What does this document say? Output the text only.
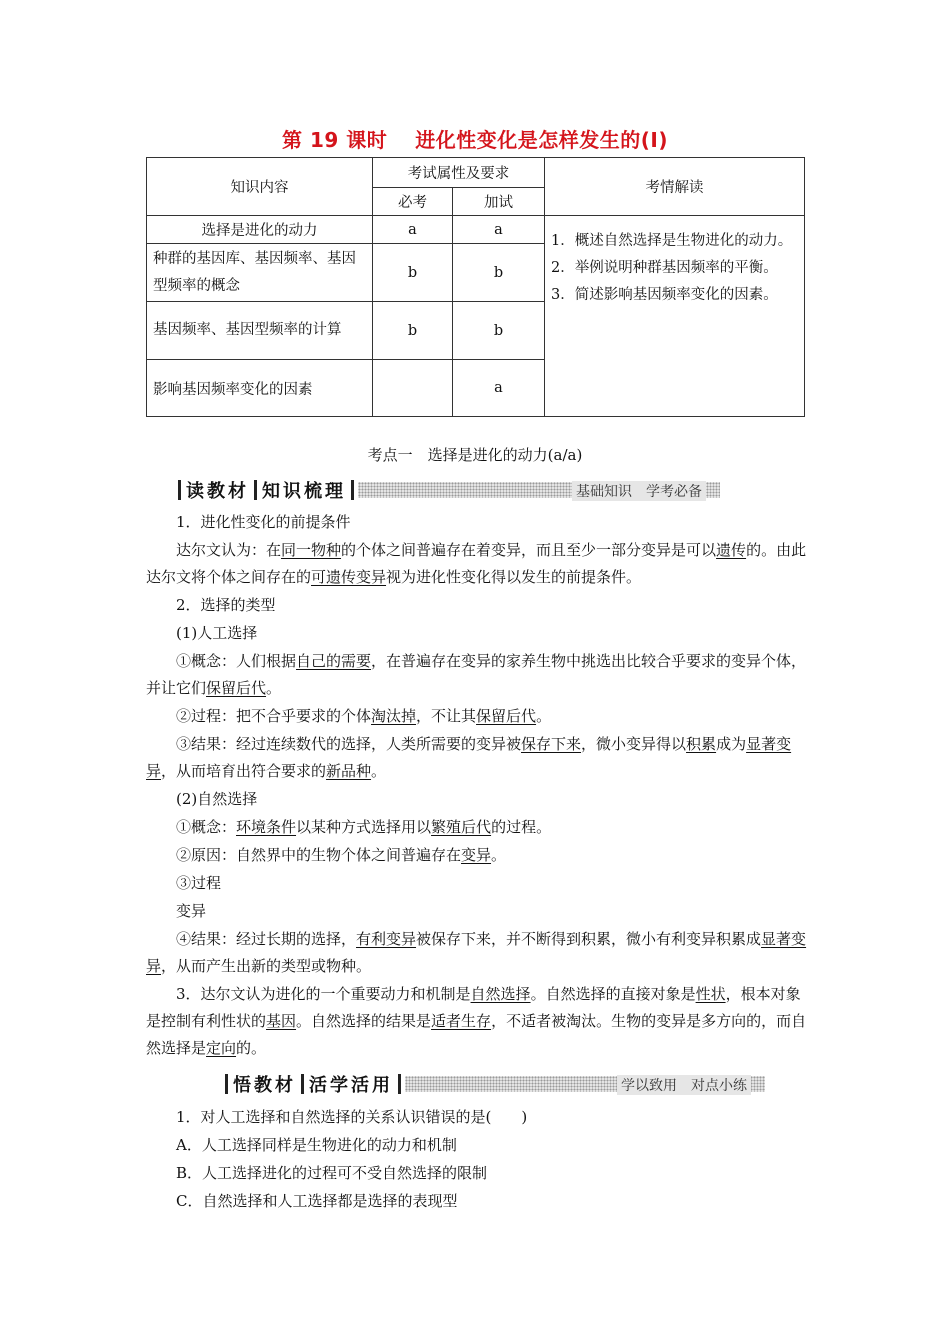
第 19 课时　 进化性变化是怎样发生的(Ⅰ)
知识内容	考试属性及要求		考情解读
	必考	加试	
选择是进化的动力	a	a	1．概述自然选择是生物进化的动力。
2．举例说明种群基因频率的平衡。
3．简述影响基因频率变化的因素。

种群的基因库、基因频率、基因型频率的概念	b	b	
基因频率、基因型频率的计算	b	b	
影响基因频率变化的因素		a	
考点一　选择是进化的动力(a/a)
读教材 知识梳理	基础知识　学考必备
1．进化性变化的前提条件
达尔文认为：在同一物种的个体之间普遍存在着变异，而且至少一部分变异是可以遗传的。由此达尔文将个体之间存在的可遗传变异视为进化性变化得以发生的前提条件。
2．选择的类型
(1)人工选择
①概念：人们根据自己的需要，在普遍存在变异的家养生物中挑选出比较合乎要求的变异个体，并让它们保留后代。
②过程：把不合乎要求的个体淘汰掉，不让其保留后代。
③结果：经过连续数代的选择，人类所需要的变异被保存下来，微小变异得以积累成为显著变异，从而培育出符合要求的新品种。
(2)自然选择
①概念：环境条件以某种方式选择用以繁殖后代的过程。
②原因：自然界中的生物个体之间普遍存在变异。
③过程
变异
④结果：经过长期的选择，有利变异被保存下来，并不断得到积累，微小有利变异积累成显著变异，从而产生出新的类型或物种。
3．达尔文认为进化的一个重要动力和机制是自然选择。自然选择的直接对象是性状，根本对象是控制有利性状的基因。自然选择的结果是适者生存，不适者被淘汰。生物的变异是多方向的，而自然选择是定向的。
悟教材 活学活用	学以致用　对点小练
1．对人工选择和自然选择的关系认识错误的是(　　)
A．人工选择同样是生物进化的动力和机制
B．人工选择进化的过程可不受自然选择的限制
C．自然选择和人工选择都是选择的表现型
